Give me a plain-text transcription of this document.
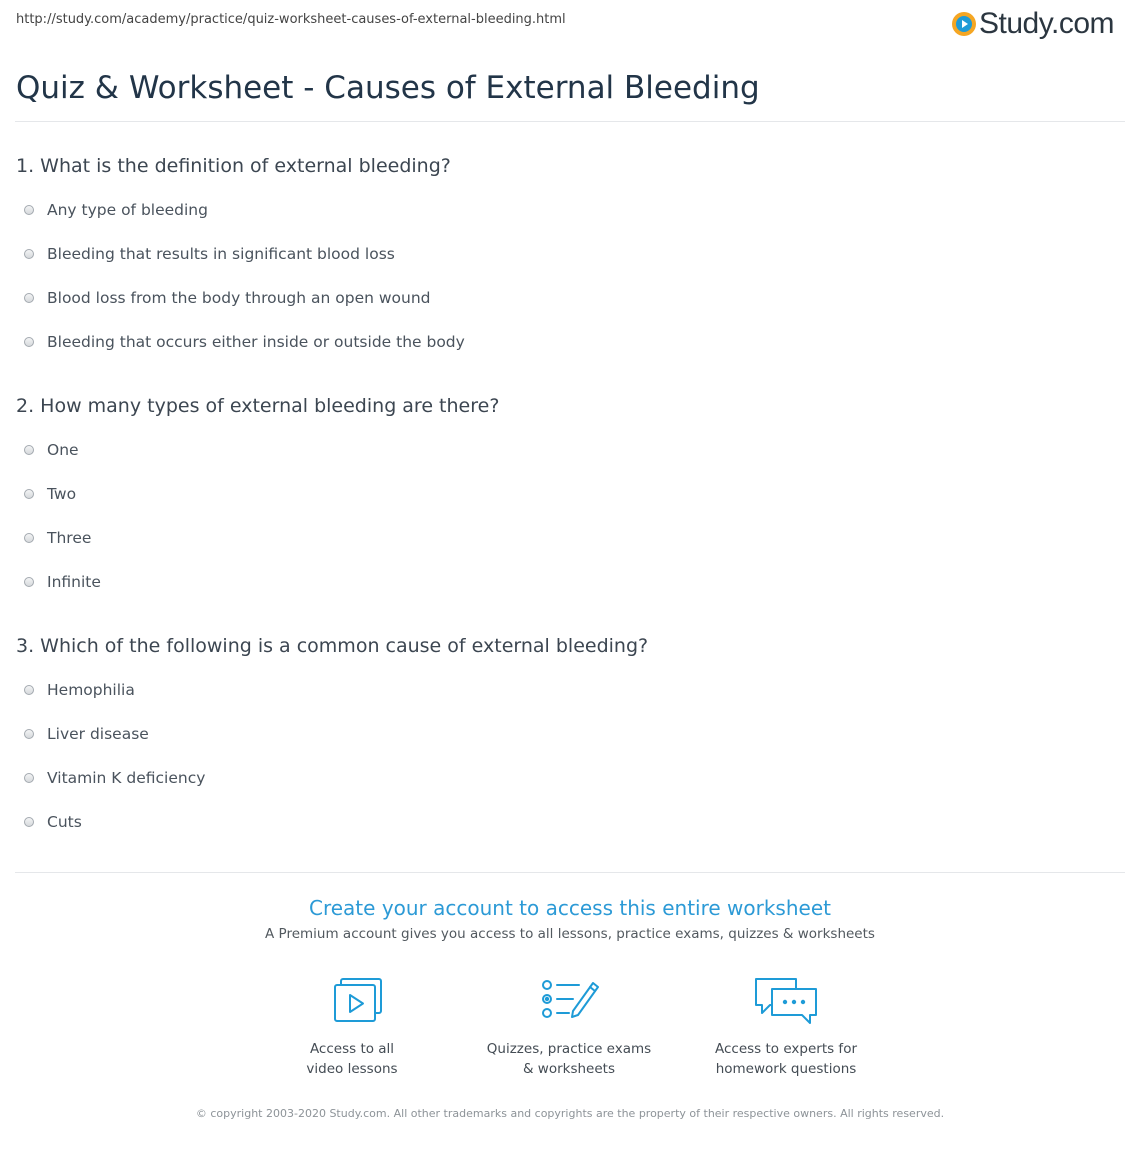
http://study.com/academy/practice/quiz-worksheet-causes-of-external-bleeding.html	Study.com
Quiz & Worksheet - Causes of External Bleeding
1. What is the definition of external bleeding?
Any type of bleeding
Bleeding that results in significant blood loss
Blood loss from the body through an open wound
Bleeding that occurs either inside or outside the body
2. How many types of external bleeding are there?
One
Two
Three
Infinite
3. Which of the following is a common cause of external bleeding?
Hemophilia
Liver disease
Vitamin K deficiency
Cuts
Create your account to access this entire worksheet
A Premium account gives you access to all lessons, practice exams, quizzes & worksheets
Access to all
video lessons
Quizzes, practice exams
& worksheets
Access to experts for
homework questions
© copyright 2003-2020 Study.com. All other trademarks and copyrights are the property of their respective owners. All rights reserved.
